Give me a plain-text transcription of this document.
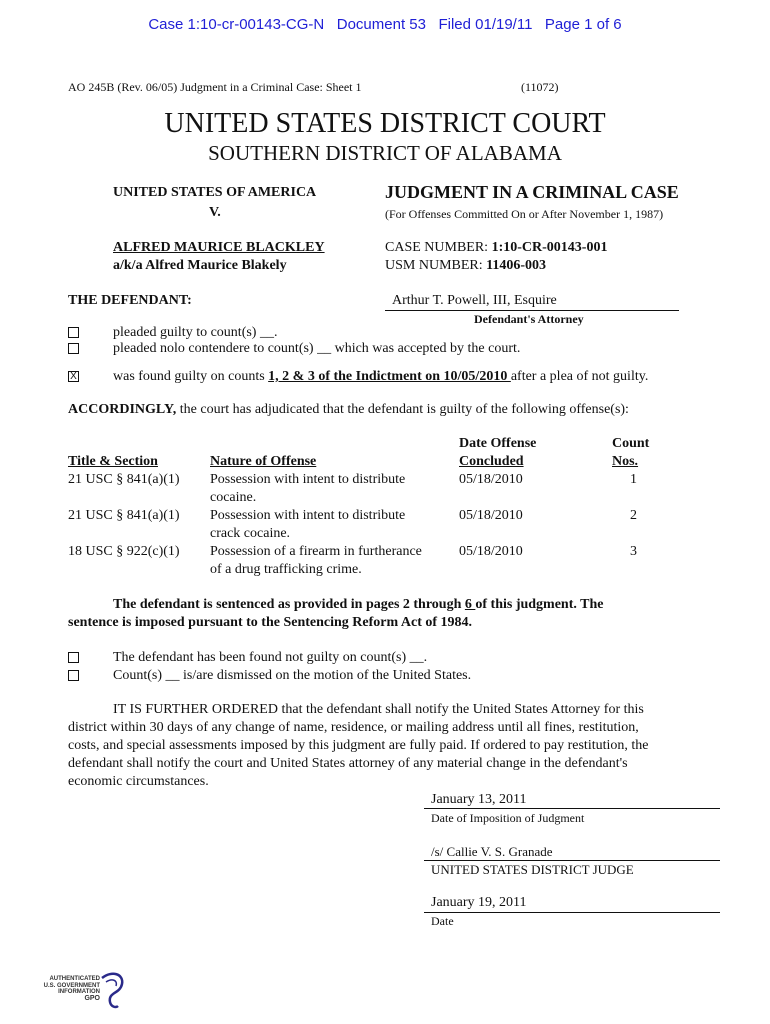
Case 1:10-cr-00143-CG-N   Document 53   Filed 01/19/11   Page 1 of 6
AO 245B (Rev. 06/05) Judgment in a Criminal Case: Sheet 1	(11072)
UNITED STATES DISTRICT COURT
SOUTHERN DISTRICT OF ALABAMA
UNITED STATES OF AMERICA
V.
JUDGMENT IN A CRIMINAL CASE
(For Offenses Committed On or After November 1, 1987)
ALFRED MAURICE BLACKLEY
a/k/a Alfred Maurice Blakely
CASE NUMBER: 1:10-CR-00143-001
USM NUMBER: 11406-003
THE DEFENDANT:	Arthur T. Powell, III, Esquire
Defendant's Attorney
pleaded guilty to count(s) __.
pleaded nolo contendere to count(s) __ which was accepted by the court.
X	was found guilty on counts 1, 2 & 3 of the Indictment on 10/05/2010 after a plea of not guilty.
ACCORDINGLY, the court has adjudicated that the defendant is guilty of the following offense(s):
Date Offense	Count
Title & Section	Nature of Offense	Concluded	Nos.
21 USC § 841(a)(1) Possession with intent to distribute
cocaine.
05/18/2010	1
21 USC § 841(a)(1) Possession with intent to distribute
crack cocaine.
05/18/2010	2
18 USC § 922(c)(1) Possession of a firearm in furtherance
of a drug trafficking crime.
05/18/2010	3
The defendant is sentenced as provided in pages 2 through 6 of this judgment. The
sentence is imposed pursuant to the Sentencing Reform Act of 1984.
The defendant has been found not guilty on count(s) __.
Count(s) __ is/are dismissed on the motion of the United States.
IT IS FURTHER ORDERED that the defendant shall notify the United States Attorney for this
district within 30 days of any change of name, residence, or mailing address until all fines, restitution,
costs, and special assessments imposed by this judgment are fully paid. If ordered to pay restitution, the
defendant shall notify the court and United States attorney of any material change in the defendant's
economic circumstances.
January 13, 2011
Date of Imposition of Judgment
/s/ Callie V. S. Granade
UNITED STATES DISTRICT JUDGE
January 19, 2011
Date
AUTHENTICATED
U.S. GOVERNMENT
INFORMATION
GPO
